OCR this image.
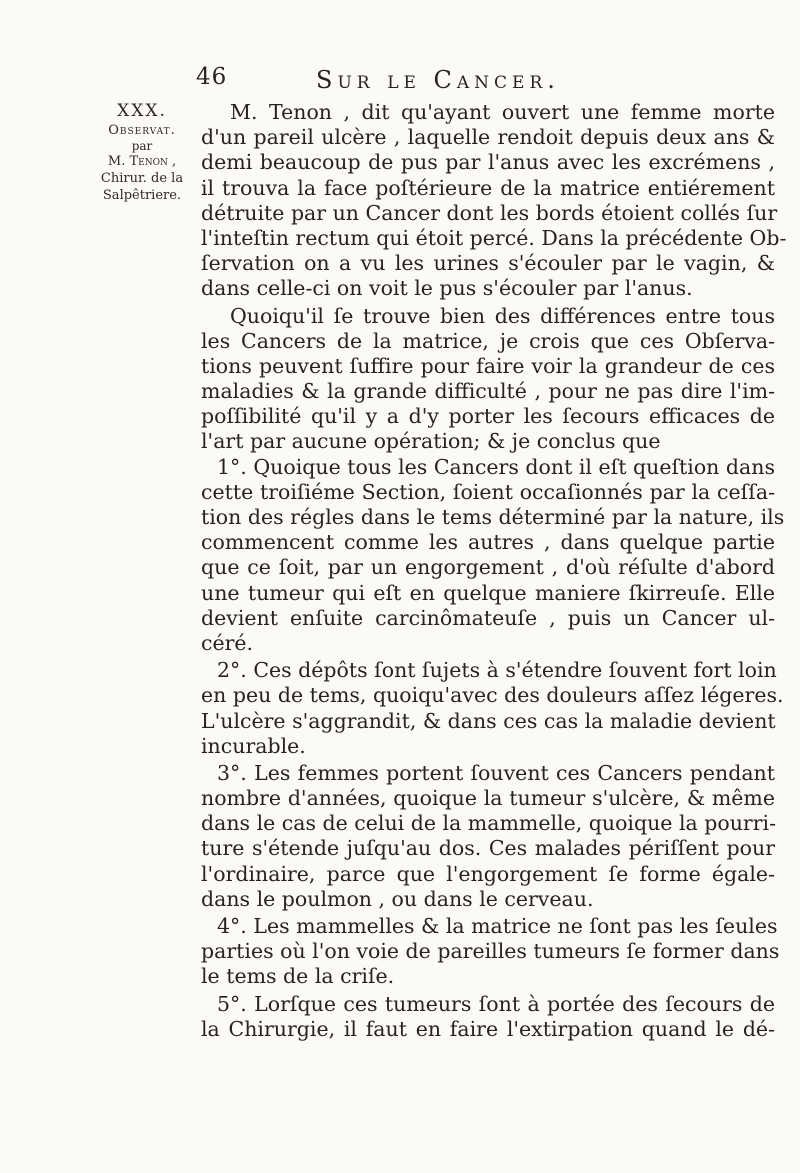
46	Sur le Cancer.
XXX.
Observat.
par
M. Tenon ,
Chirur. de la
Salpêtriere.
M. Tenon , dit qu'ayant ouvert une femme morte
d'un pareil ulcère , laquelle rendoit depuis deux ans &
demi beaucoup de pus par l'anus avec les excrémens ,
il trouva la face poſtérieure de la matrice entiérement
détruite par un Cancer dont les bords étoient collés ſur
l'inteſtin rectum qui étoit percé. Dans la précédente Ob-
ſervation on a vu les urines s'écouler par le vagin, &
dans celle-ci on voit le pus s'écouler par l'anus.
Quoiqu'il ſe trouve bien des différences entre tous
les Cancers de la matrice, je crois que ces Obſerva-
tions peuvent ſuffire pour faire voir la grandeur de ces
maladies & la grande difficulté , pour ne pas dire l'im-
poſſibilité qu'il y a d'y porter les ſecours efficaces de
l'art par aucune opération; & je conclus que
1°. Quoique tous les Cancers dont il eſt queſtion dans
cette troiſiéme Section, ſoient occaſionnés par la ceſſa-
tion des régles dans le tems déterminé par la nature, ils
commencent comme les autres , dans quelque partie
que ce ſoit, par un engorgement , d'où réſulte d'abord
une tumeur qui eſt en quelque maniere ſkirreuſe. Elle
devient enſuite carcinômateuſe , puis un Cancer ul-
céré.
2°. Ces dépôts ſont ſujets à s'étendre ſouvent fort loin
en peu de tems, quoiqu'avec des douleurs aſſez légeres.
L'ulcère s'aggrandit, & dans ces cas la maladie devient
incurable.
3°. Les femmes portent ſouvent ces Cancers pendant
nombre d'années, quoique la tumeur s'ulcère, & même
dans le cas de celui de la mammelle, quoique la pourri-
ture s'étende juſqu'au dos. Ces malades périſſent pour
l'ordinaire, parce que l'engorgement ſe forme égale-
dans le poulmon , ou dans le cerveau.
4°. Les mammelles & la matrice ne ſont pas les ſeules
parties où l'on voie de pareilles tumeurs ſe former dans
le tems de la criſe.
5°. Lorſque ces tumeurs ſont à portée des ſecours de
la Chirurgie, il faut en faire l'extirpation quand le dé-
